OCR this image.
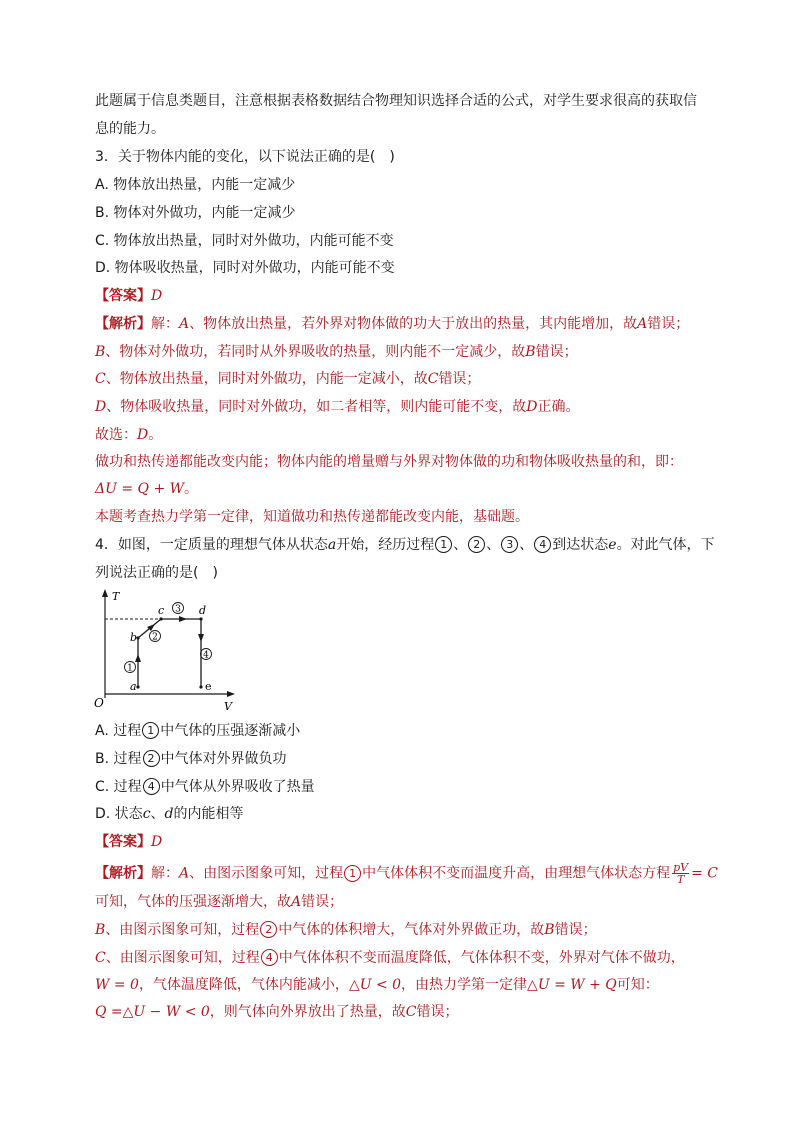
此题属于信息类题目，注意根据表格数据结合物理知识选择合适的公式，对学生要求很高的获取信
息的能力。
3．关于物体内能的变化，以下说法正确的是(　)
A. 物体放出热量，内能一定减少
B. 物体对外做功，内能一定减少
C. 物体放出热量，同时对外做功，内能可能不变
D. 物体吸收热量，同时对外做功，内能可能不变
【答案】D
【解析】解：A、物体放出热量，若外界对物体做的功大于放出的热量，其内能增加，故A错误；
B、物体对外做功，若同时从外界吸收的热量，则内能不一定减少，故B错误；
C、物体放出热量，同时对外做功，内能一定减小，故C错误；
D、物体吸收热量，同时对外做功，如二者相等，则内能可能不变，故D正确。
故选：D。
做功和热传递都能改变内能；物体内能的增量赠与外界对物体做的功和物体吸收热量的和，即：
ΔU = Q + W。
本题考查热力学第一定律，知道做功和热传递都能改变内能，基础题。
4．如图，一定质量的理想气体从状态a开始，经历过程 1 、 2 、 3 、 4 到达状态e。对此气体，下
列说法正确的是(　)
T
V
O
a
b
c	d
e
1
2
3
4
A. 过程 1 中气体的压强逐渐减小
B. 过程 2 中气体对外界做负功
C. 过程 4 中气体从外界吸收了热量
D. 状态c、d的内能相等
【答案】D
【解析】解：A、由图示图象可知，过程 1 中气体体积不变而温度升高，由理想气体状态方程 $\frac{pV}{T} = C$
可知，气体的压强逐渐增大，故A错误；
B、由图示图象可知，过程 2 中气体的体积增大，气体对外界做正功，故B错误；
C、由图示图象可知，过程 4 中气体体积不变而温度降低，气体体积不变，外界对气体不做功，
W = 0，气体温度降低，气体内能减小，△U < 0，由热力学第一定律△U = W + Q可知：
Q =△U − W < 0，则气体向外界放出了热量，故C错误；
